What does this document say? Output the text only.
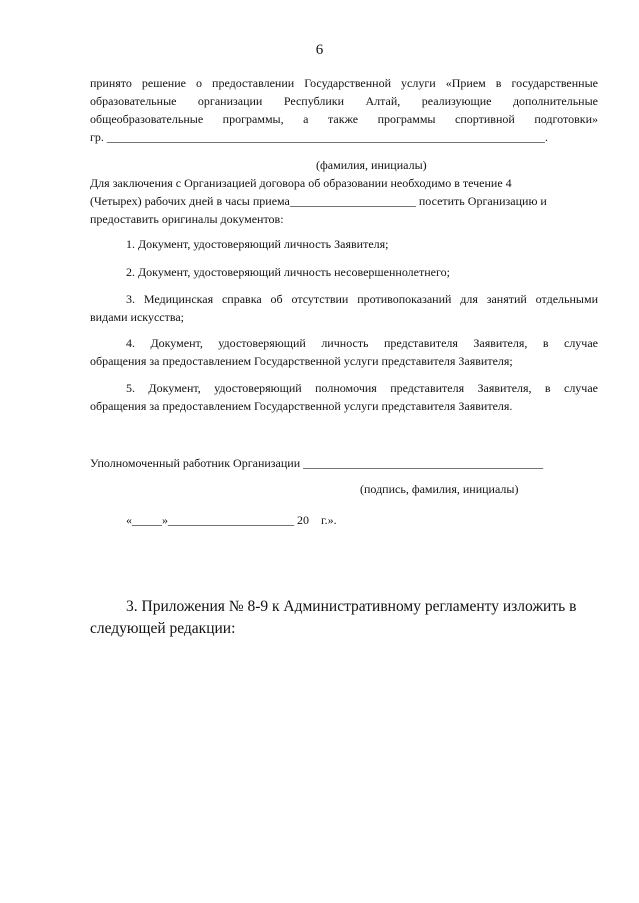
6
принято решение о предоставлении Государственной услуги «Прием в государственные
образовательные организации Республики Алтай, реализующие дополнительные
общеобразовательные программы, а также программы спортивной подготовки»
гр. _________________________________________________________________________.
(фамилия, инициалы)
Для заключения с Организацией договора об образовании необходимо в течение 4
(Четырех) рабочих дней в часы приема_____________________ посетить Организацию и
предоставить оригиналы документов:
1. Документ, удостоверяющий личность Заявителя;
2. Документ, удостоверяющий личность несовершеннолетнего;
3. Медицинская справка об отсутствии противопоказаний для занятий отдельными
видами искусства;
4. Документ, удостоверяющий личность представителя Заявителя, в случае
обращения за предоставлением Государственной услуги представителя Заявителя;
5. Документ, удостоверяющий полномочия представителя Заявителя, в случае
обращения за предоставлением Государственной услуги представителя Заявителя.
Уполномоченный работник Организации ________________________________________
(подпись, фамилия, инициалы)
«_____»_____________________ 20    г.».
3. Приложения № 8-9 к Административному регламенту изложить в
следующей редакции:
